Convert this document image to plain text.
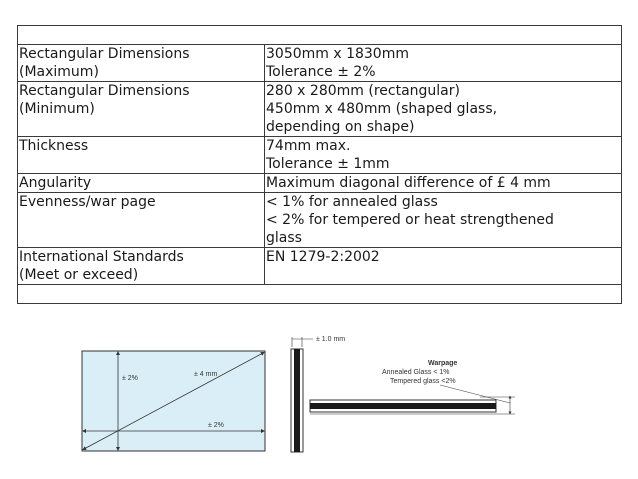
Rectangular Dimensions
(Maximum)	3050mm x 1830mm
Tolerance ± 2%
Rectangular Dimensions
(Minimum)	280 x 280mm (rectangular)
450mm x 480mm (shaped glass,
depending on shape)
Thickness	74mm max.
Tolerance ± 1mm
Angularity	Maximum diagonal difference of £ 4 mm
Evenness/war page	< 1% for annealed glass
< 2% for tempered or heat strengthened
glass
International Standards
(Meet or exceed)	EN 1279-2:2002

± 2%
± 4 mm
± 2%
± 1.0 mm
Warpage
Annealed Glass < 1%
Tempered glass <2%
